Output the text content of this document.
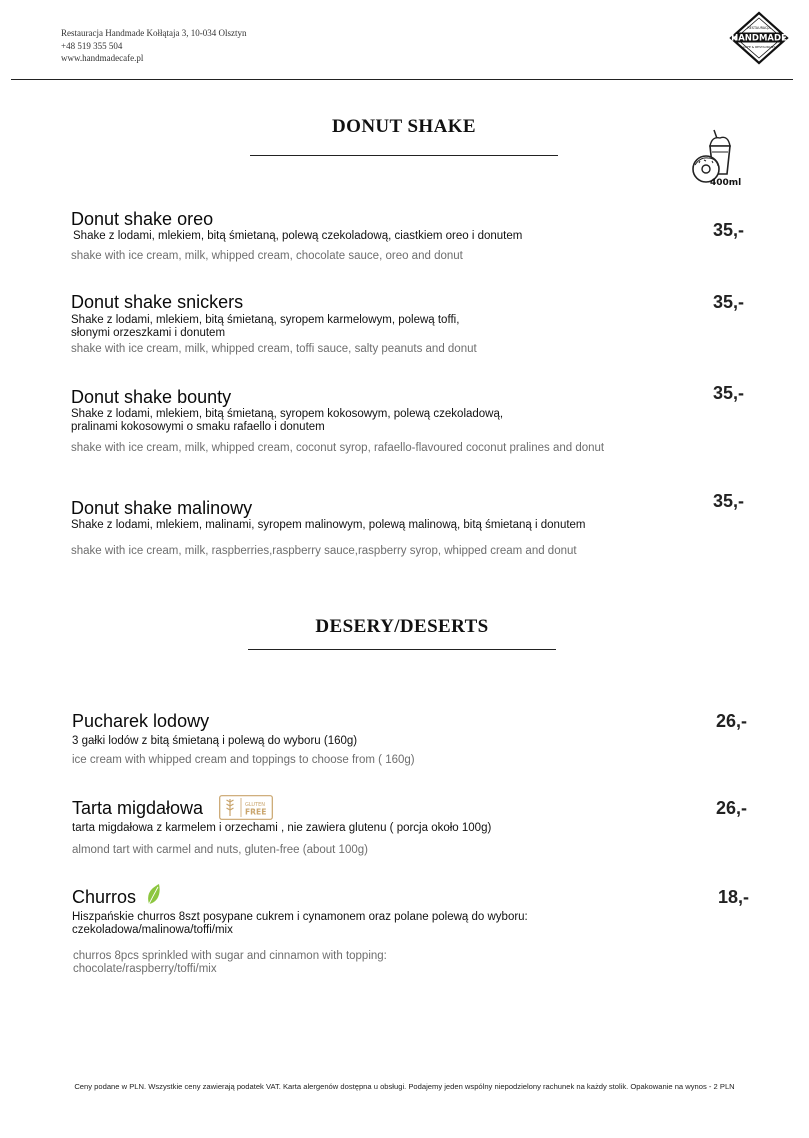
Restauracja Handmade Kołłątaja 3, 10-034 Olsztyn
+48 519 355 504
www.handmadecafe.pl
RESTAURACJA
HANDMADE
CAFE & RESTAURANT
DONUT SHAKE
400ml
Donut shake oreo
Shake z lodami, mlekiem, bitą śmietaną, polewą czekoladową, ciastkiem oreo i donutem
shake with ice cream, milk, whipped cream, chocolate sauce, oreo and donut
35,-
Donut shake snickers
Shake z lodami, mlekiem, bitą śmietaną, syropem karmelowym, polewą toffi, słonymi orzeszkami i donutem
shake with ice cream, milk, whipped cream, toffi sauce, salty peanuts and donut
35,-
Donut shake bounty
Shake z lodami, mlekiem, bitą śmietaną, syropem kokosowym, polewą czekoladową, pralinami kokosowymi o smaku rafaello i donutem
shake with ice cream, milk, whipped cream, coconut syrop, rafaello-flavoured coconut pralines and donut
35,-
Donut shake malinowy
Shake z lodami, mlekiem, malinami, syropem malinowym, polewą malinową, bitą śmietaną i donutem
shake with ice cream, milk, raspberries,raspberry sauce,raspberry syrop, whipped cream and donut
35,-
DESERY/DESERTS
Pucharek lodowy
3 gałki lodów z bitą śmietaną i polewą do wyboru (160g)
ice cream with whipped cream and toppings to choose from ( 160g)
26,-
Tarta migdałowa	GLUTEN
FREE
tarta migdałowa z karmelem i orzechami , nie zawiera glutenu ( porcja około 100g)
almond tart with carmel and nuts, gluten-free (about 100g)
26,-
Churros
Hiszpańskie churros 8szt posypane cukrem i cynamonem oraz polane polewą do wyboru: czekoladowa/malinowa/toffi/mix
churros 8pcs sprinkled with sugar and cinnamon with topping: chocolate/raspberry/toffi/mix
18,-
Ceny podane w PLN. Wszystkie ceny zawierają podatek VAT. Karta alergenów dostępna u obsługi. Podajemy jeden wspólny niepodzielony rachunek na każdy stolik. Opakowanie na wynos - 2 PLN
